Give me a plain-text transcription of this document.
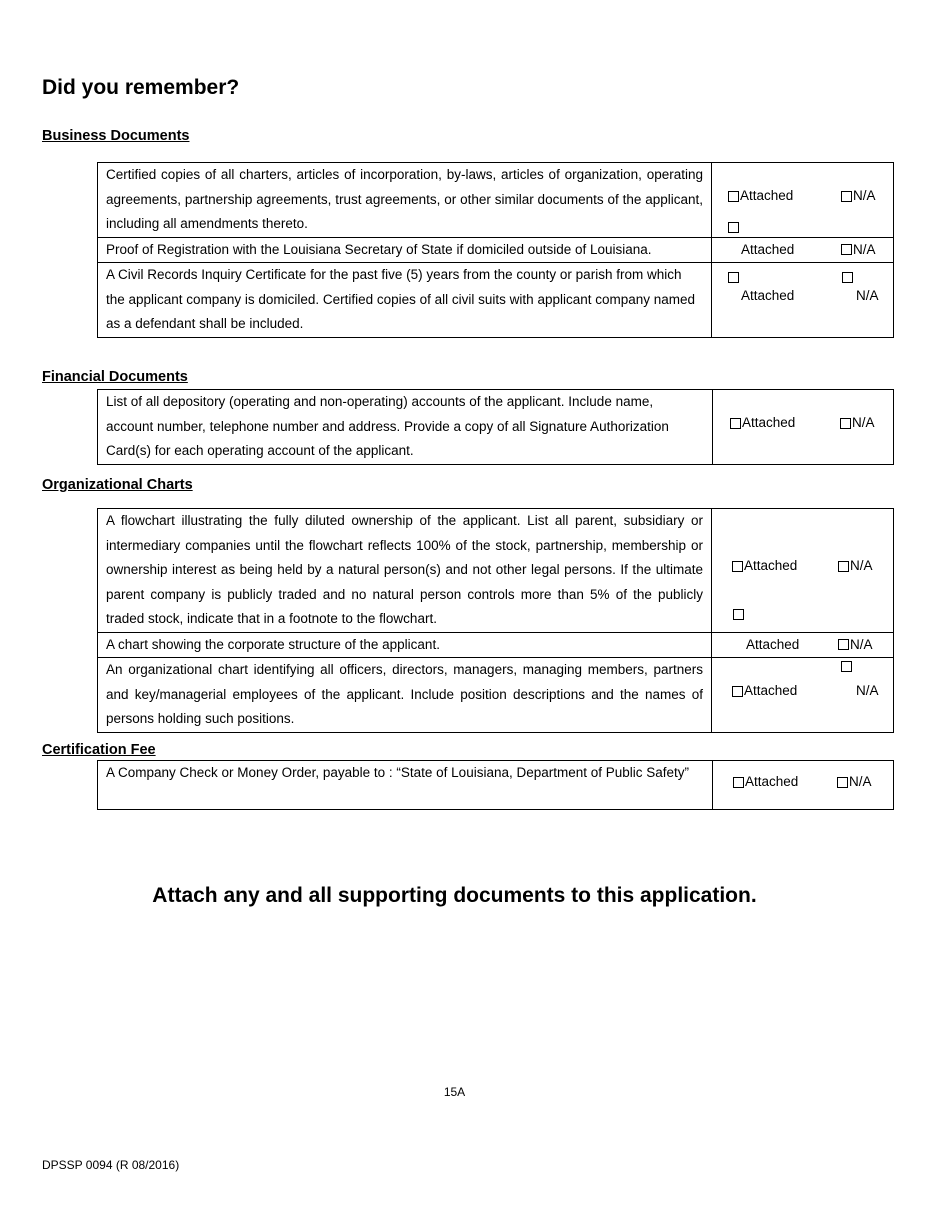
Did you remember?
Business Documents
Certified copies of all charters, articles of incorporation, by-laws, articles of organization, operating agreements, partnership agreements, trust agreements, or other similar documents of the applicant, including all amendments thereto.	Attached N/A

Proof of Registration with the Louisiana Secretary of State if domiciled outside of Louisiana.	Attached N/A

A Civil Records Inquiry Certificate for the past five (5) years from the county or parish from which the applicant company is domiciled. Certified copies of all civil suits with applicant company named as a defendant shall be included.	Attached N/A
Financial Documents
List of all depository (operating and non-operating) accounts of the applicant. Include name, account number, telephone number and address. Provide a copy of all Signature Authorization Card(s) for each operating account of the applicant.	
Attached	N/A
Organizational Charts
A flowchart illustrating the fully diluted ownership of the applicant. List all parent, subsidiary or intermediary companies until the flowchart reflects 100% of the stock, partnership, membership or ownership interest as being held by a natural person(s) and not other legal persons. If the ultimate parent company is publicly traded and no natural person controls more than 5% of the publicly traded stock, indicate that in a footnote to the flowchart.	Attached N/A

A chart showing the corporate structure of the applicant.	Attached N/A

An organizational chart identifying all officers, directors, managers, managing members, partners and key/managerial employees of the applicant. Include position descriptions and the names of persons holding such positions.	Attached N/A
Certification Fee
A Company Check or Money Order, payable to : “State of Louisiana, Department of Public Safety”	
Attached	N/A

Attach any and all supporting documents to this application.

15A
DPSSP 0094 (R 08/2016)
